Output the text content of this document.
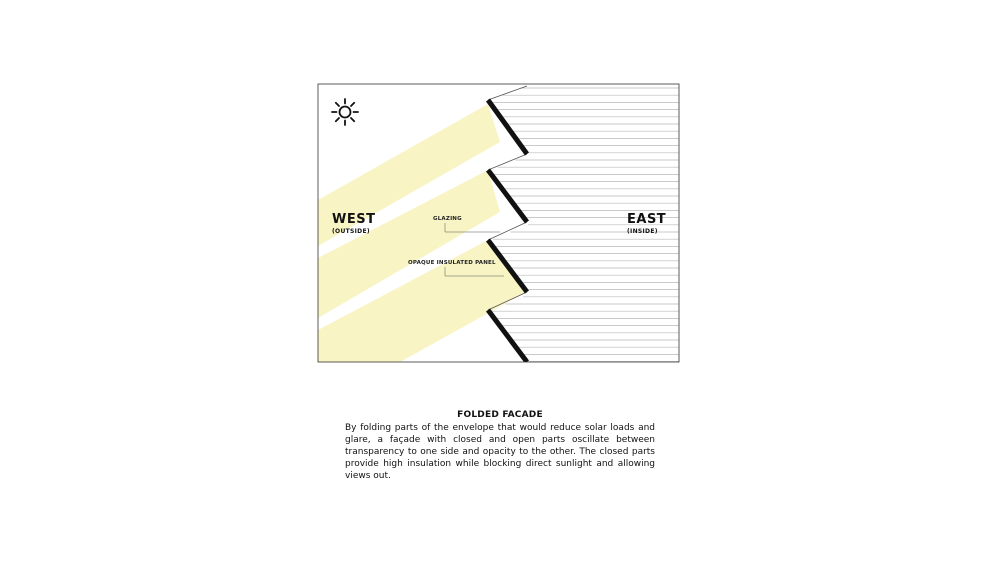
WEST
(OUTSIDE)
EAST
(INSIDE)
GLAZING
OPAQUE INSULATED PANEL

FOLDED FACADE

By folding parts of the envelope that would reduce solar loads and glare, a façade with closed and open parts oscillate between transparency to one side and opacity to the other. The closed parts provide high insulation while blocking direct sunlight and allowing views out.
